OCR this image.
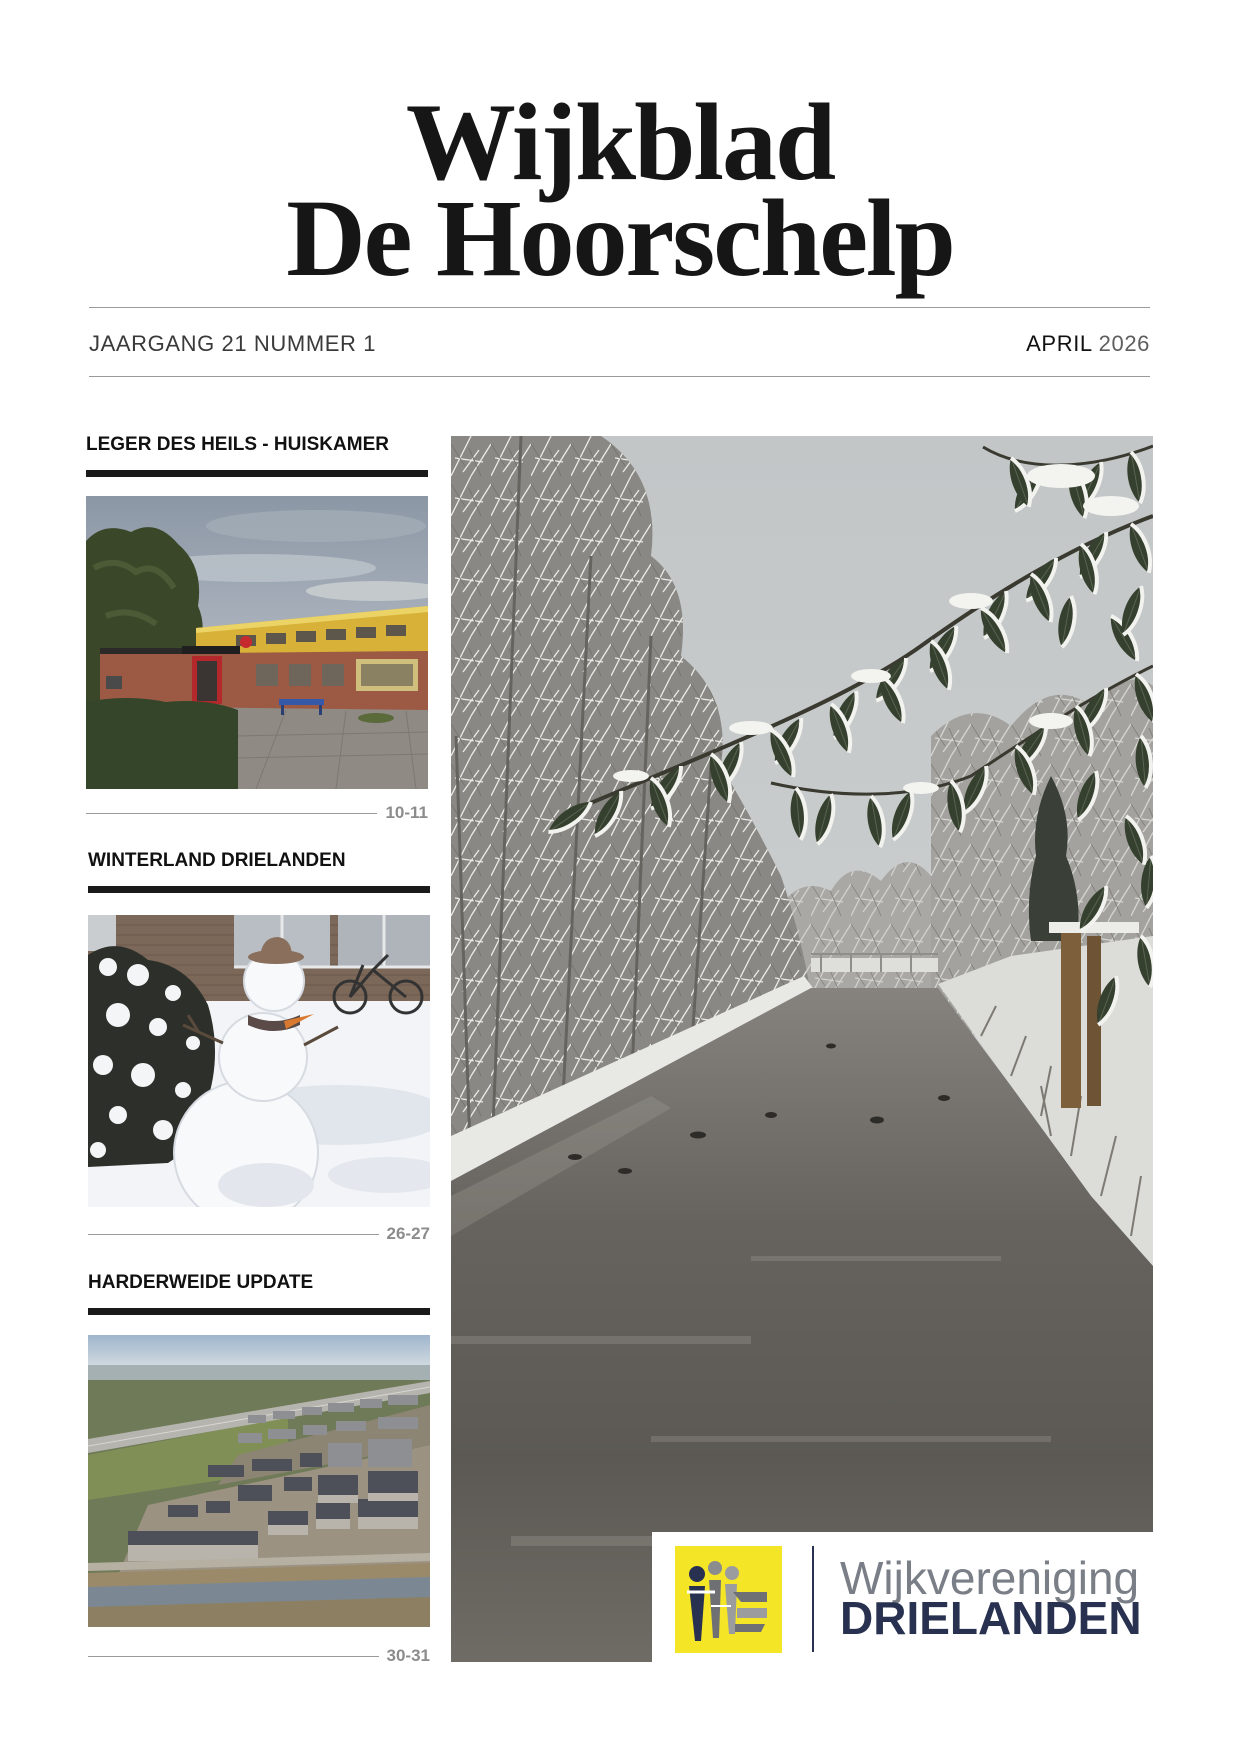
Wijkblad
De Hoorschelp
JAARGANG 21 NUMMER 1	APRIL 2026
LEGER DES HEILS - HUISKAMER
10-11
WINTERLAND DRIELANDEN
26-27
HARDERWEIDE UPDATE
30-31
Wijkvereniging
DRIELANDEN
